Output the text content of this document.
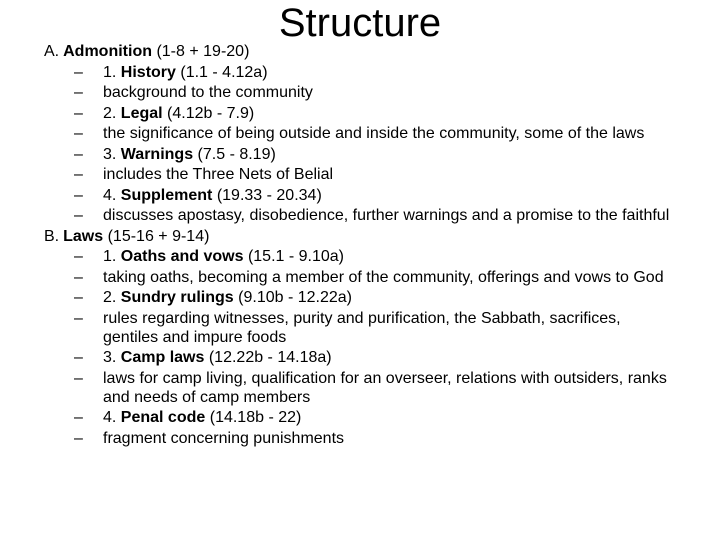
Structure

A. Admonition (1-8 + 19-20)

– 1. History (1.1 - 4.12a)
– background to the community
– 2. Legal (4.12b - 7.9)
– the significance of being outside and inside the community, some of the laws
– 3. Warnings (7.5 - 8.19)
– includes the Three Nets of Belial
– 4. Supplement (19.33 - 20.34)
– discusses apostasy, disobedience, further warnings and a promise to the faithful

B. Laws (15-16 + 9-14)

– 1. Oaths and vows (15.1 - 9.10a)
– taking oaths, becoming a member of the community, offerings and vows to God
– 2. Sundry rulings (9.10b - 12.22a)
– rules regarding witnesses, purity and purification, the Sabbath, sacrifices, gentiles and impure foods
– 3. Camp laws (12.22b - 14.18a)
– laws for camp living, qualification for an overseer, relations with outsiders, ranks and needs of camp members
– 4. Penal code (14.18b - 22)
– fragment concerning punishments
